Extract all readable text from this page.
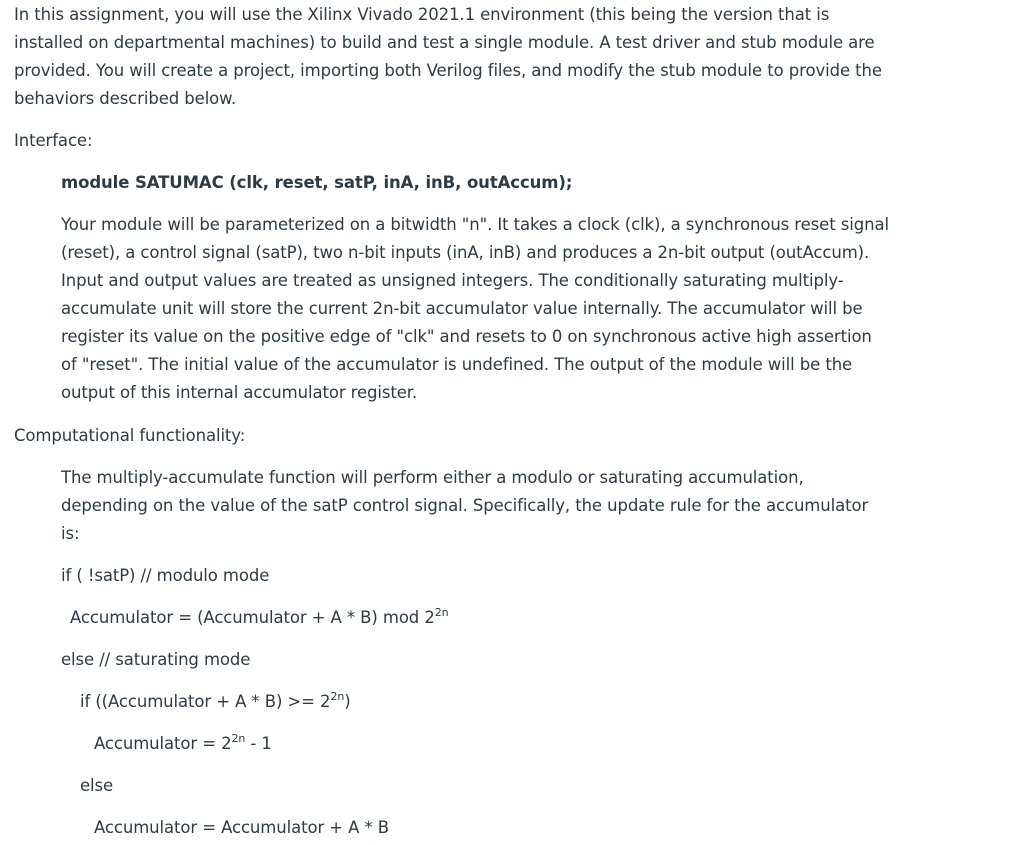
In this assignment, you will use the Xilinx Vivado 2021.1 environment (this being the version that is installed on departmental machines) to build and test a single module. A test driver and stub module are provided. You will create a project, importing both Verilog files, and modify the stub module to provide the behaviors described below.

Interface:

module SATUMAC (clk, reset, satP, inA, inB, outAccum);

Your module will be parameterized on a bitwidth "n". It takes a clock (clk), a synchronous reset signal (reset), a control signal (satP), two n-bit inputs (inA, inB) and produces a 2n-bit output (outAccum). Input and output values are treated as unsigned integers. The conditionally saturating multiply-accumulate unit will store the current 2n-bit accumulator value internally. The accumulator will be register its value on the positive edge of "clk" and resets to 0 on synchronous active high assertion of "reset". The initial value of the accumulator is undefined. The output of the module will be the output of this internal accumulator register.

Computational functionality:

The multiply-accumulate function will perform either a modulo or saturating accumulation, depending on the value of the satP control signal. Specifically, the update rule for the accumulator is:

if ( !satP) // modulo mode

Accumulator = (Accumulator + A * B) mod $2^{2n}$

else // saturating mode

if ((Accumulator + $A * B) >= 2^{2n}$)

Accumulator = $2^{2n} - 1$

else

Accumulator = Accumulator + A * B
